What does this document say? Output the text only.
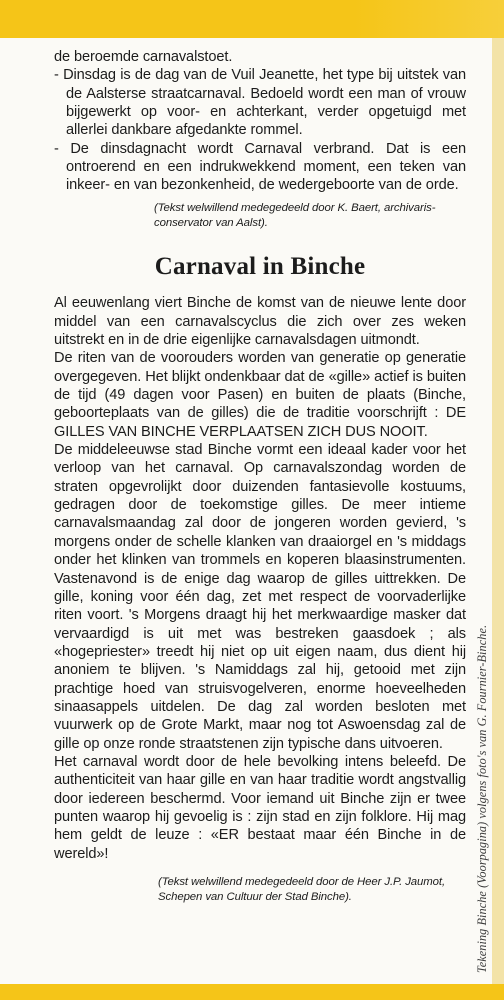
de beroemde carnavalstoet.

- Dinsdag is de dag van de Vuil Jeanette, het type bij uitstek van de Aalsterse straatcarnaval. Bedoeld wordt een man of vrouw bijgewerkt op voor- en achterkant, verder opgetuigd met allerlei dankbare afgedankte rommel.

- De dinsdagnacht wordt Carnaval verbrand. Dat is een ontroerend en een indrukwekkend moment, een teken van inkeer- en van bezonkenheid, de wedergeboorte van de orde.

(Tekst welwillend medegedeeld door K. Baert, archivaris-conservator van Aalst).

Carnaval in Binche

Al eeuwenlang viert Binche de komst van de nieuwe lente door middel van een carnavalscyclus die zich over zes weken uitstrekt en in de drie eigenlijke carnavalsdagen uitmondt.

De riten van de voorouders worden van generatie op generatie overgegeven. Het blijkt ondenkbaar dat de «gille» actief is buiten de tijd (49 dagen voor Pasen) en buiten de plaats (Binche, geboorteplaats van de gilles) die de traditie voorschrijft : DE GILLES VAN BINCHE VERPLAATSEN ZICH DUS NOOIT.

De middeleeuwse stad Binche vormt een ideaal kader voor het verloop van het carnaval. Op carnavalszondag worden de straten opgevrolijkt door duizenden fantasievolle kostuums, gedragen door de toekomstige gilles. De meer intieme carnavalsmaandag zal door de jongeren worden gevierd, 's morgens onder de schelle klanken van draaiorgel en 's middags onder het klinken van trommels en koperen blaasinstrumenten. Vastenavond is de enige dag waarop de gilles uittrekken. De gille, koning voor één dag, zet met respect de voorvaderlijke riten voort. 's Morgens draagt hij het merkwaardige masker dat vervaardigd is uit met was bestreken gaasdoek ; als «hogepriester» treedt hij niet op uit eigen naam, dus dient hij anoniem te blijven. 's Namiddags zal hij, getooid met zijn prachtige hoed van struisvogelveren, enorme hoeveelheden sinaasappels uitdelen. De dag zal worden besloten met vuurwerk op de Grote Markt, maar nog tot Aswoensdag zal de gille op onze ronde straatstenen zijn typische dans uitvoeren.

Het carnaval wordt door de hele bevolking intens beleefd. De authenticiteit van haar gille en van haar traditie wordt angstvallig door iedereen beschermd. Voor iemand uit Binche zijn er twee punten waarop hij gevoelig is : zijn stad en zijn folklore. Hij mag hem geldt de leuze : «ER bestaat maar één Binche in de wereld»!

(Tekst welwillend medegedeeld door de Heer J.P. Jaumot, Schepen van Cultuur der Stad Binche).	Tekening Binche (Voorpagina) volgens foto's van G. Fournier-Binche.
